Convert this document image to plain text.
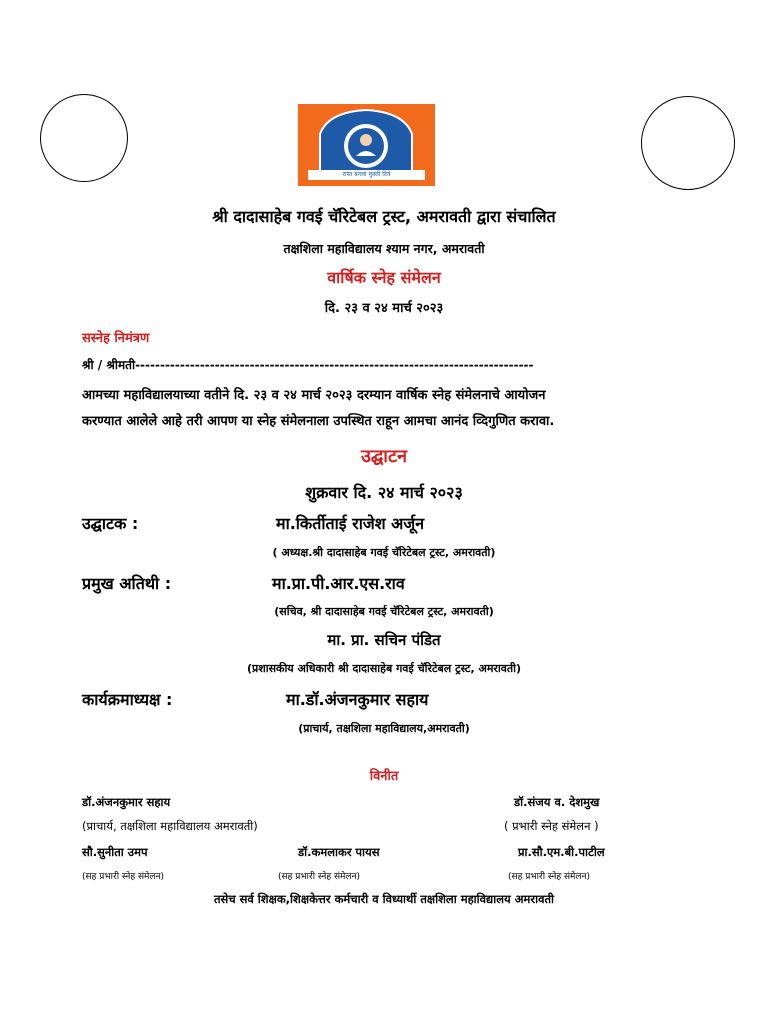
रास्त बनला मुक्ती दिये
श्री दादासाहेब गवई चॅरिटेबल ट्रस्ट, अमरावती द्वारा संचालित
तक्षशिला महाविद्यालय श्याम नगर, अमरावती
वार्षिक स्नेह संमेलन
दि. २३ व २४ मार्च २०२३
सस्नेह निमंत्रण
श्री / श्रीमती--------------------------------------------------------------------------------
आमच्या महाविद्यालयाच्या वतीने दि. २३ व २४ मार्च २०२३ दरम्यान वार्षिक स्नेह संमेलनाचे आयोजन
करण्यात आलेले आहे तरी आपण या स्नेह संमेलनाला उपस्थित राहून आमचा आनंद व्दिगुणित करावा.
उद्घाटन
शुक्रवार दि. २४ मार्च २०२३
उद्घाटक :	मा.किर्तीताई राजेश अर्जून
( अध्यक्ष.श्री दादासाहेब गवई चॅरिटेबल ट्रस्ट, अमरावती)
प्रमुख अतिथी :	मा.प्रा.पी.आर.एस.राव
(सचिव, श्री दादासाहेब गवई चॅरिटेबल ट्रस्ट, अमरावती)
मा. प्रा. सचिन पंडित
(प्रशासकीय अधिकारी श्री दादासाहेब गवई चॅरिटेबल ट्रस्ट, अमरावती)
कार्यक्रमाध्यक्ष :	मा.डॉ.अंजनकुमार सहाय
(प्राचार्य, तक्षशिला महाविद्यालय,अमरावती)
विनीत
डॉ.अंजनकुमार सहाय
(प्राचार्य, तक्षशिला महाविद्यालय अमरावती)
डॉ.संजय व. देशमुख
( प्रभारी स्नेह संमेलन )
सौ.सुनीता उमप
(सह प्रभारी स्नेह संमेलन)
डॉ.कमलाकर पायस
(सह प्रभारी स्नेह संमेलन)
प्रा.सौ.एम.बी.पाटील
(सह प्रभारी स्नेह संमेलन)
तसेच सर्व शिक्षक,शिक्षकेत्तर कर्मचारी व विध्यार्थी तक्षशिला महाविद्यालय अमरावती
